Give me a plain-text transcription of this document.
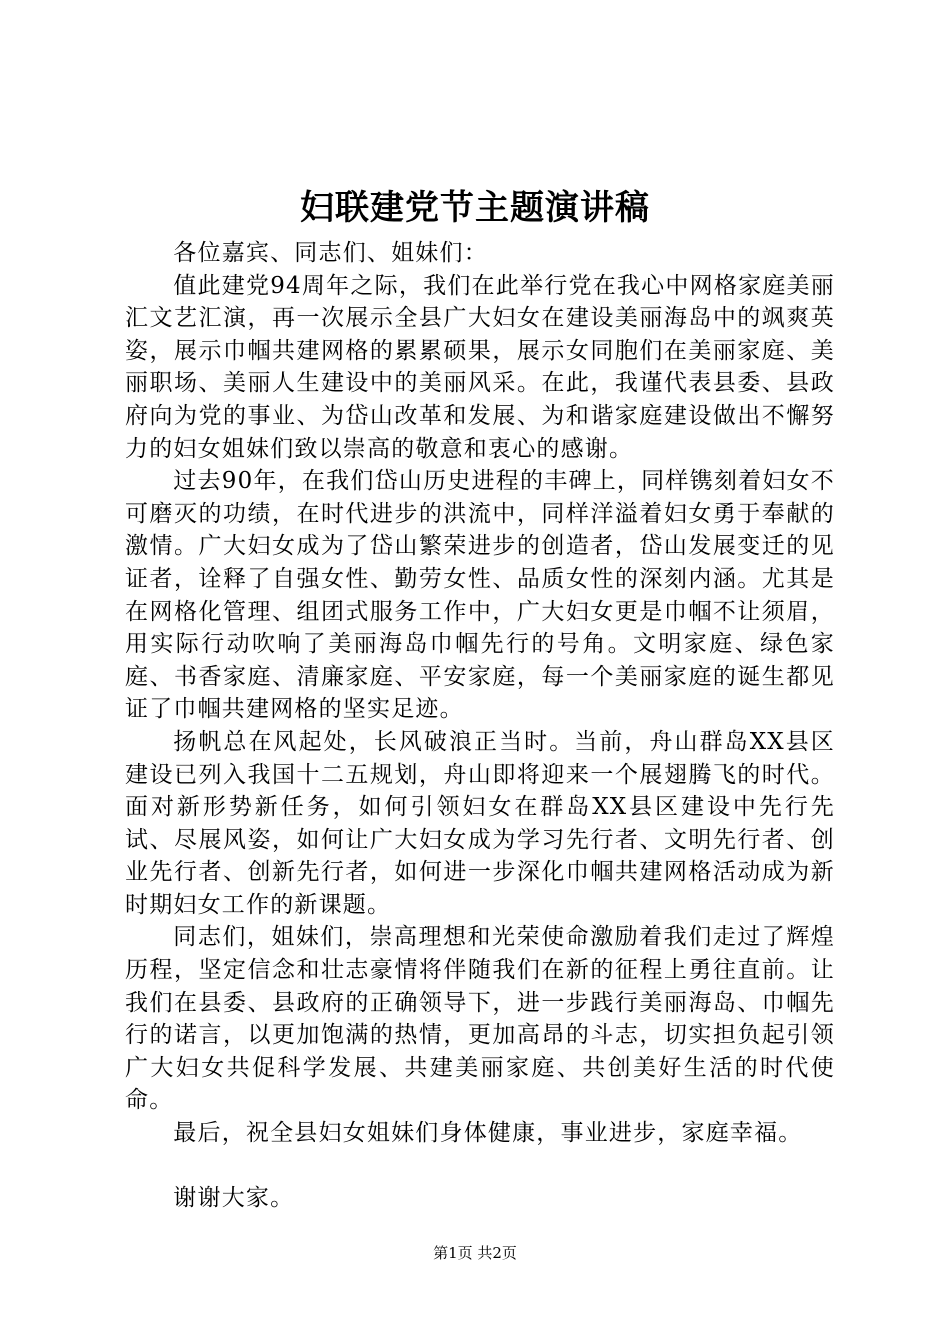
妇联建党节主题演讲稿

各位嘉宾、同志们、姐妹们：

值此建党94周年之际，我们在此举行党在我心中网格家庭美丽汇文艺汇演，再一次展示全县广大妇女在建设美丽海岛中的飒爽英姿，展示巾帼共建网格的累累硕果，展示女同胞们在美丽家庭、美丽职场、美丽人生建设中的美丽风采。在此，我谨代表县委、县政府向为党的事业、为岱山改革和发展、为和谐家庭建设做出不懈努力的妇女姐妹们致以崇高的敬意和衷心的感谢。

过去90年，在我们岱山历史进程的丰碑上，同样镌刻着妇女不可磨灭的功绩，在时代进步的洪流中，同样洋溢着妇女勇于奉献的激情。广大妇女成为了岱山繁荣进步的创造者，岱山发展变迁的见证者，诠释了自强女性、勤劳女性、品质女性的深刻内涵。尤其是在网格化管理、组团式服务工作中，广大妇女更是巾帼不让须眉，用实际行动吹响了美丽海岛巾帼先行的号角。文明家庭、绿色家庭、书香家庭、清廉家庭、平安家庭，每一个美丽家庭的诞生都见证了巾帼共建网格的坚实足迹。

扬帆总在风起处，长风破浪正当时。当前，舟山群岛XX县区建设已列入我国十二五规划，舟山即将迎来一个展翅腾飞的时代。面对新形势新任务，如何引领妇女在群岛XX县区建设中先行先试、尽展风姿，如何让广大妇女成为学习先行者、文明先行者、创业先行者、创新先行者，如何进一步深化巾帼共建网格活动成为新时期妇女工作的新课题。

同志们，姐妹们，崇高理想和光荣使命激励着我们走过了辉煌历程，坚定信念和壮志豪情将伴随我们在新的征程上勇往直前。让我们在县委、县政府的正确领导下，进一步践行美丽海岛、巾帼先行的诺言，以更加饱满的热情，更加高昂的斗志，切实担负起引领广大妇女共促科学发展、共建美丽家庭、共创美好生活的时代使命。

最后，祝全县妇女姐妹们身体健康，事业进步，家庭幸福。

谢谢大家。

第1页 共2页
